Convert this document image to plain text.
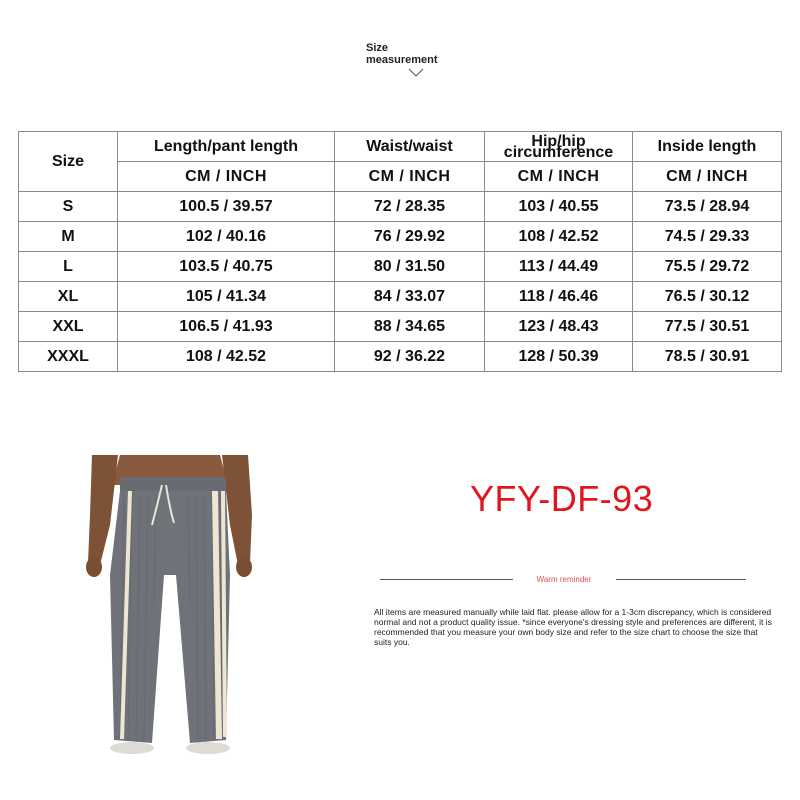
Size
measurement
Size	Length/pant length	Waist/waist	Hip/hip circumference	Inside length
	CM / INCH	CM / INCH	CM / INCH	CM / INCH
S	100.5 / 39.57	72 / 28.35	103 / 40.55	73.5 / 28.94
M	102 / 40.16	76 / 29.92	108 / 42.52	74.5 / 29.33
L	103.5 / 40.75	80 / 31.50	113 / 44.49	75.5 / 29.72
XL	105 / 41.34	84 / 33.07	118 / 46.46	76.5 / 30.12
XXL	106.5 / 41.93	88 / 34.65	123 / 48.43	77.5 / 30.51
XXXL	108 / 42.52	92 / 36.22	128 / 50.39	78.5 / 30.91
YFY-DF-93
Warm reminder
All items are measured manually while laid flat. please allow for a 1-3cm discrepancy, which is considered normal and not a product quality issue. *since everyone's dressing style and preferences are different, it is recommended that you measure your own body size and refer to the size chart to choose the size that suits you.
